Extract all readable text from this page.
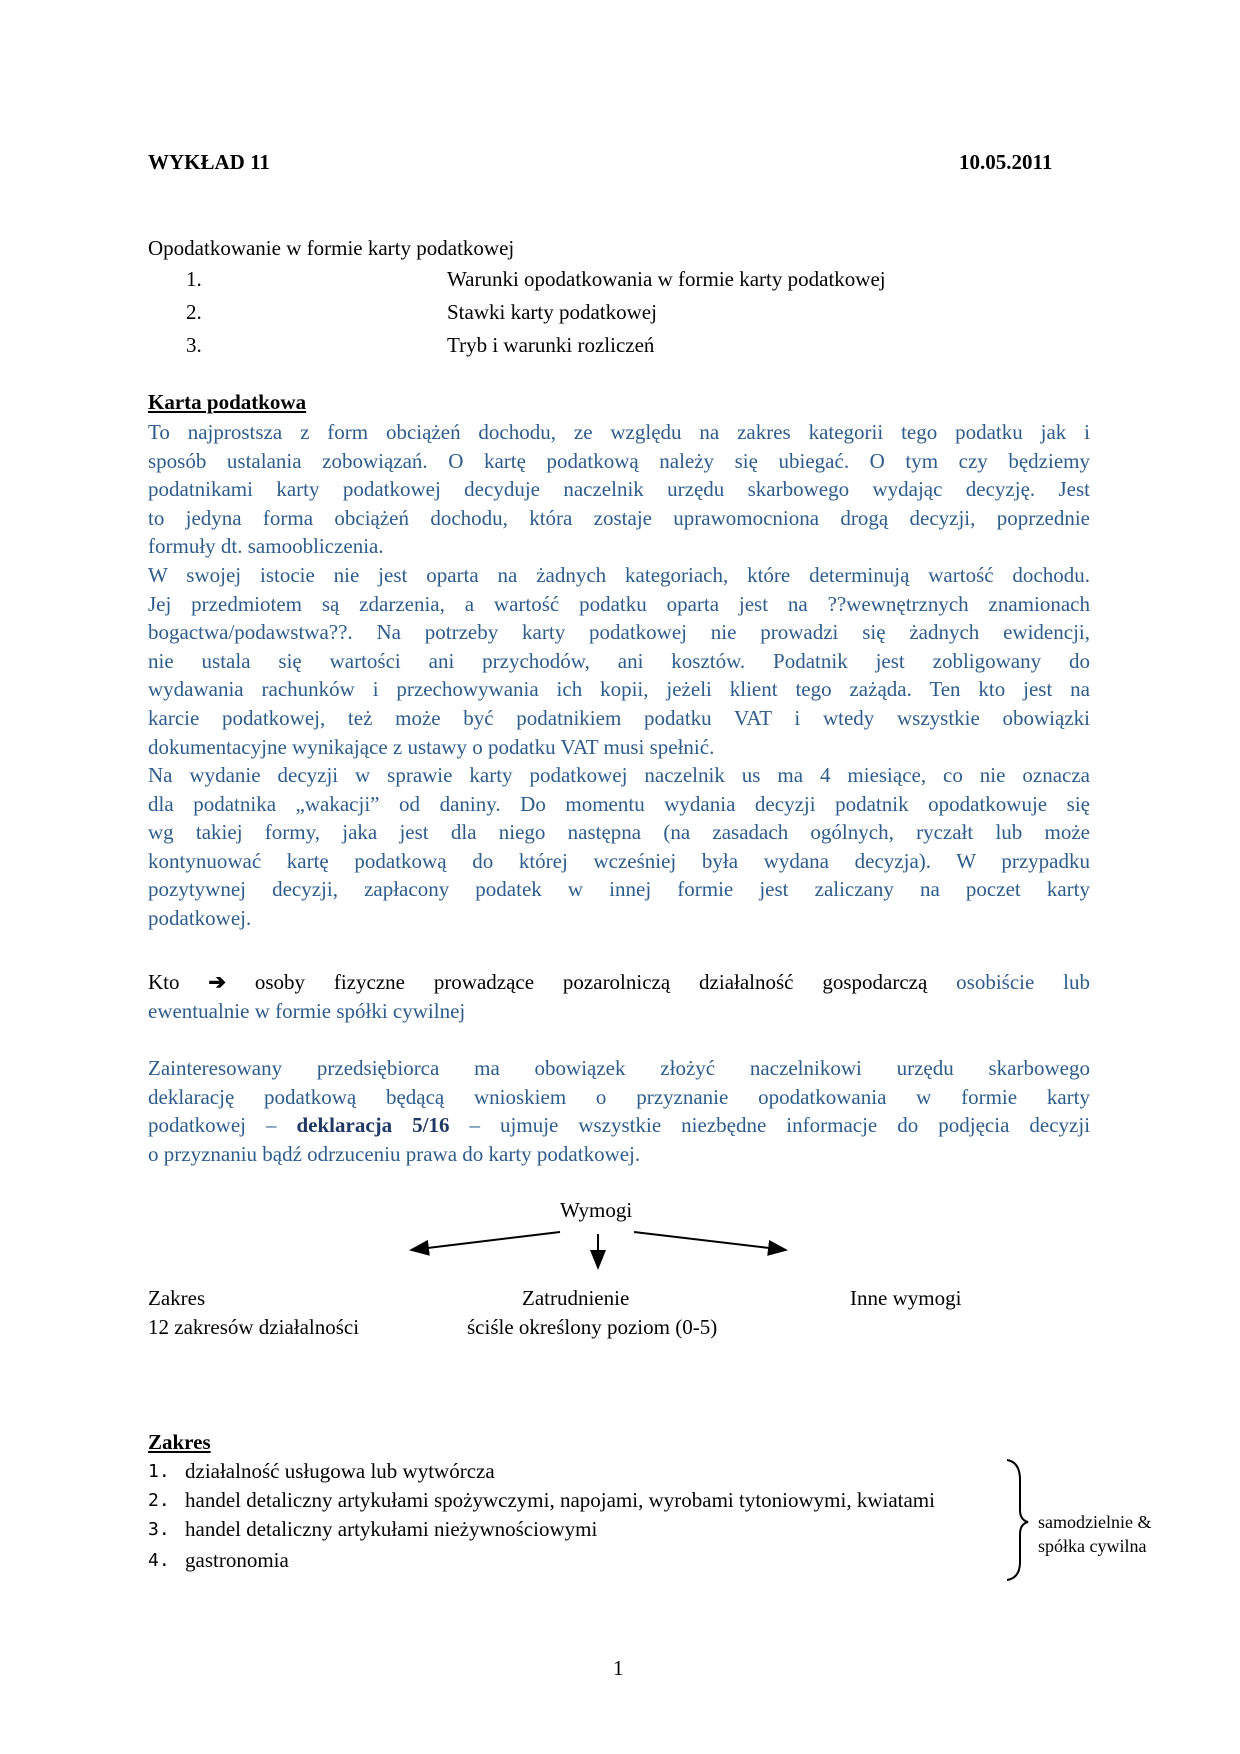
WYKŁAD 11	10.05.2011
Opodatkowanie w formie karty podatkowej
1.	Warunki opodatkowania w formie karty podatkowej
2.	Stawki karty podatkowej
3.	Tryb i warunki rozliczeń
Karta podatkowa
To najprostsza z form obciążeń dochodu, ze względu na zakres kategorii tego podatku jak i
sposób ustalania zobowiązań. O kartę podatkową należy się ubiegać. O tym czy będziemy
podatnikami karty podatkowej decyduje naczelnik urzędu skarbowego wydając decyzję. Jest
to jedyna forma obciążeń dochodu, która zostaje uprawomocniona drogą decyzji, poprzednie
formuły dt. samoobliczenia.
W swojej istocie nie jest oparta na żadnych kategoriach, które determinują wartość dochodu.
Jej przedmiotem są zdarzenia, a wartość podatku oparta jest na ??wewnętrznych znamionach
bogactwa/podawstwa??. Na potrzeby karty podatkowej nie prowadzi się żadnych ewidencji,
nie ustala się wartości ani przychodów, ani kosztów. Podatnik jest zobligowany do
wydawania rachunków i przechowywania ich kopii, jeżeli klient tego zażąda. Ten kto jest na
karcie podatkowej, też może być podatnikiem podatku VAT i wtedy wszystkie obowiązki
dokumentacyjne wynikające z ustawy o podatku VAT musi spełnić.
Na wydanie decyzji w sprawie karty podatkowej naczelnik us ma 4 miesiące, co nie oznacza
dla podatnika „wakacji” od daniny. Do momentu wydania decyzji podatnik opodatkowuje się
wg takiej formy, jaka jest dla niego następna (na zasadach ogólnych, ryczałt lub może
kontynuować kartę podatkową do której wcześniej była wydana decyzja). W przypadku
pozytywnej decyzji, zapłacony podatek w innej formie jest zaliczany na poczet karty
podatkowej.
Kto ➔ osoby fizyczne prowadzące pozarolniczą działalność gospodarczą osobiście lub
ewentualnie w formie spółki cywilnej
Zainteresowany przedsiębiorca ma obowiązek złożyć naczelnikowi urzędu skarbowego
deklarację podatkową będącą wnioskiem o przyznanie opodatkowania w formie karty
podatkowej – deklaracja 5/16 – ujmuje wszystkie niezbędne informacje do podjęcia decyzji
o przyznaniu bądź odrzuceniu prawa do karty podatkowej.
Wymogi
Zakres
12 zakresów działalności
Zatrudnienie
ściśle określony poziom (0-5)
Inne wymogi
Zakres
1. działalność usługowa lub wytwórcza
2. handel detaliczny artykułami spożywczymi, napojami, wyrobami tytoniowymi, kwiatami
3. handel detaliczny artykułami nieżywnościowymi
4. gastronomia
samodzielnie &
spółka cywilna
1
